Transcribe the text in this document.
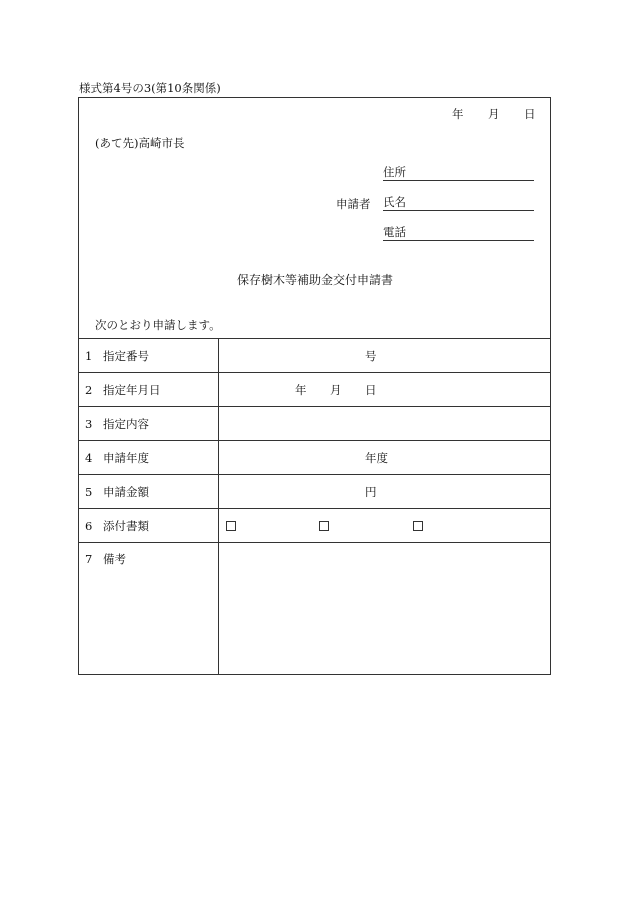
様式第4号の3(第10条関係)
年 月 日
(あて先)高崎市長
住所
申請者 氏名
電話
保存樹木等補助金交付申請書
次のとおり申請します。
1 指定番号	号

2 指定年月日	年 月 日

3 指定内容	
4 申請年度	年度

5 申請金額	円

6 添付書類	

7 備考	
